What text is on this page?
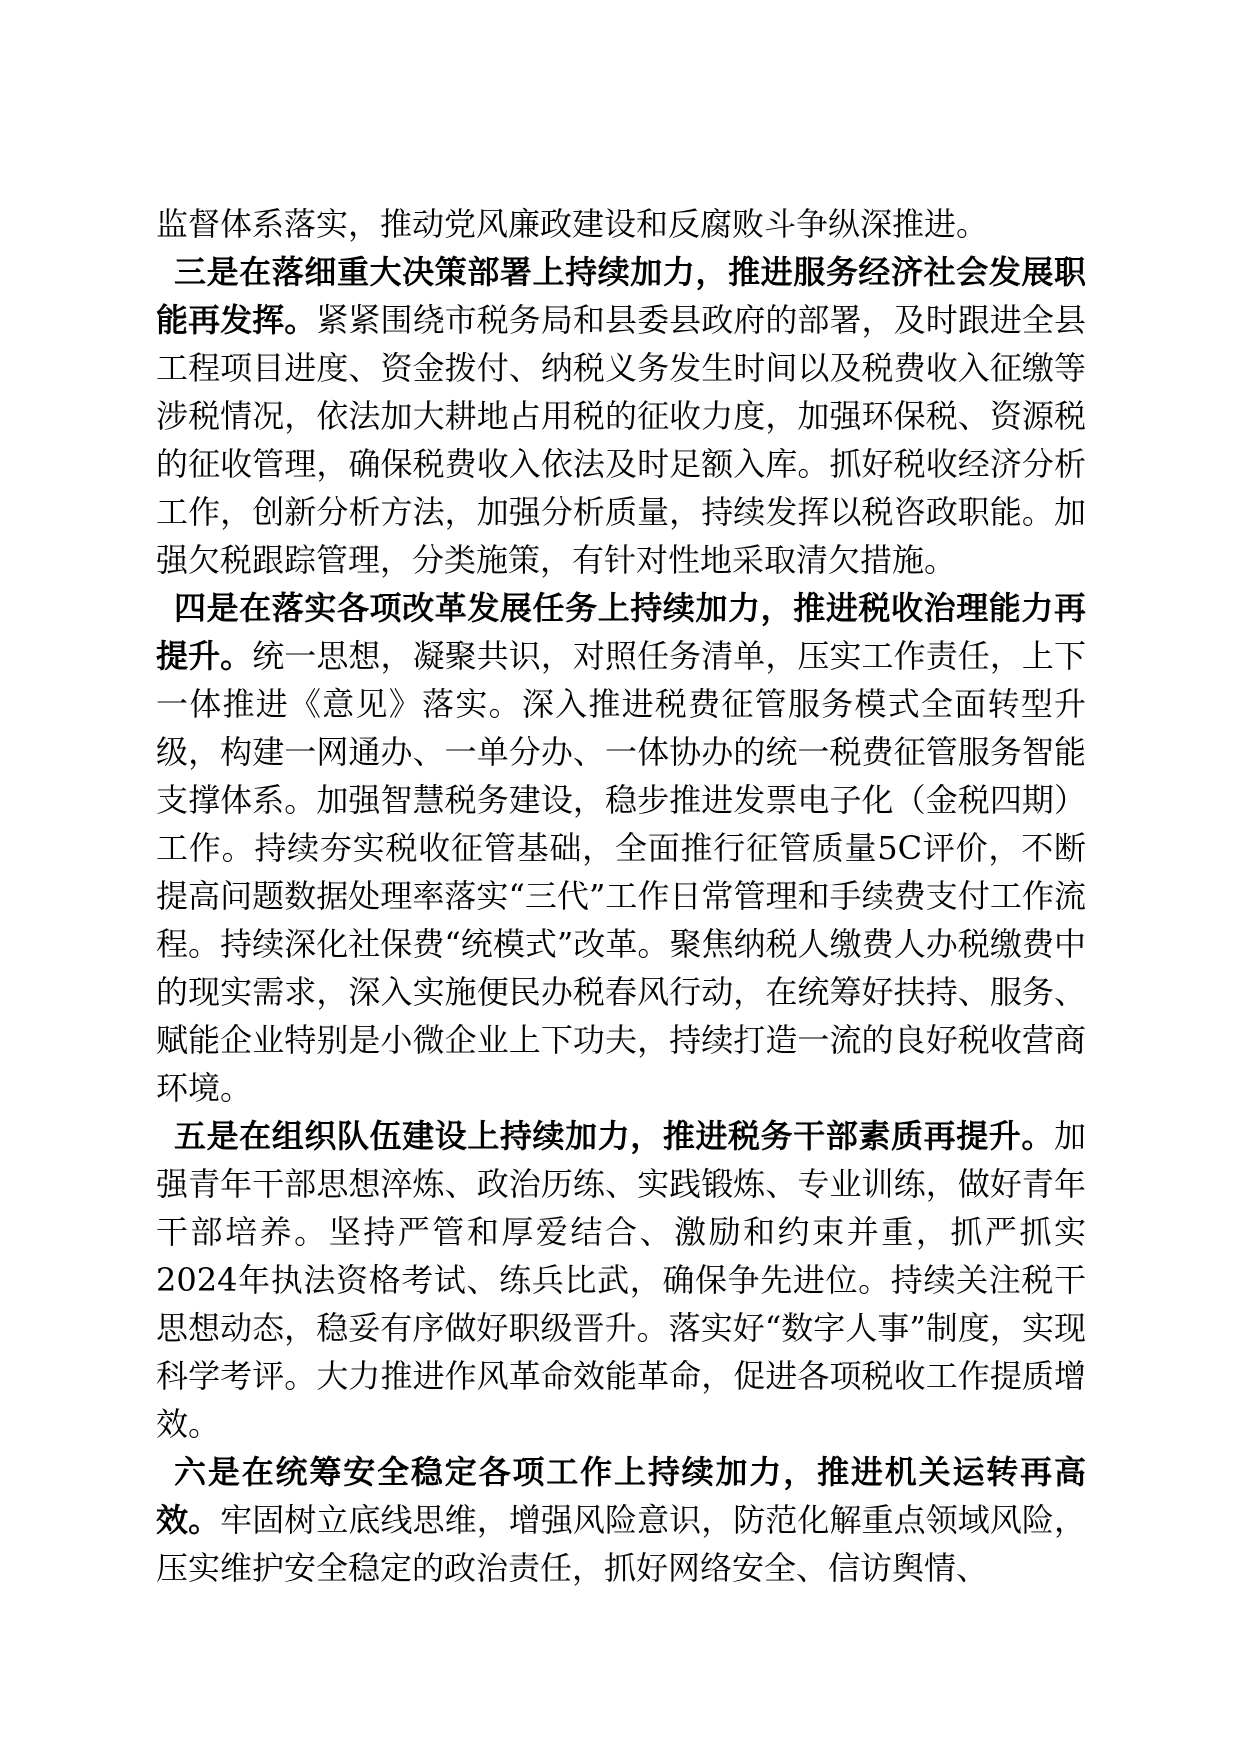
监督体系落实，推动党风廉政建设和反腐败斗争纵深推进。

三是在落细重大决策部署上持续加力，推进服务经济社会发展职能再发挥。紧紧围绕市税务局和县委县政府的部署，及时跟进全县工程项目进度、资金拨付、纳税义务发生时间以及税费收入征缴等涉税情况，依法加大耕地占用税的征收力度，加强环保税、资源税的征收管理，确保税费收入依法及时足额入库。抓好税收经济分析工作，创新分析方法，加强分析质量，持续发挥以税咨政职能。加强欠税跟踪管理，分类施策，有针对性地采取清欠措施。

四是在落实各项改革发展任务上持续加力，推进税收治理能力再提升。统一思想，凝聚共识，对照任务清单，压实工作责任，上下一体推进《意见》落实。深入推进税费征管服务模式全面转型升级，构建一网通办、一单分办、一体协办的统一税费征管服务智能支撑体系。加强智慧税务建设，稳步推进发票电子化（金税四期）工作。持续夯实税收征管基础，全面推行征管质量5C评价，不断提高问题数据处理率落实“三代”工作日常管理和手续费支付工作流程。持续深化社保费“统模式”改革。聚焦纳税人缴费人办税缴费中的现实需求，深入实施便民办税春风行动，在统筹好扶持、服务、赋能企业特别是小微企业上下功夫，持续打造一流的良好税收营商环境。

五是在组织队伍建设上持续加力，推进税务干部素质再提升。加强青年干部思想淬炼、政治历练、实践锻炼、专业训练，做好青年干部培养。坚持严管和厚爱结合、激励和约束并重，抓严抓实2024年执法资格考试、练兵比武，确保争先进位。持续关注税干思想动态，稳妥有序做好职级晋升。落实好“数字人事”制度，实现科学考评。大力推进作风革命效能革命，促进各项税收工作提质增效。

六是在统筹安全稳定各项工作上持续加力，推进机关运转再高效。牢固树立底线思维，增强风险意识，防范化解重点领域风险，压实维护安全稳定的政治责任，抓好网络安全、信访舆情、
